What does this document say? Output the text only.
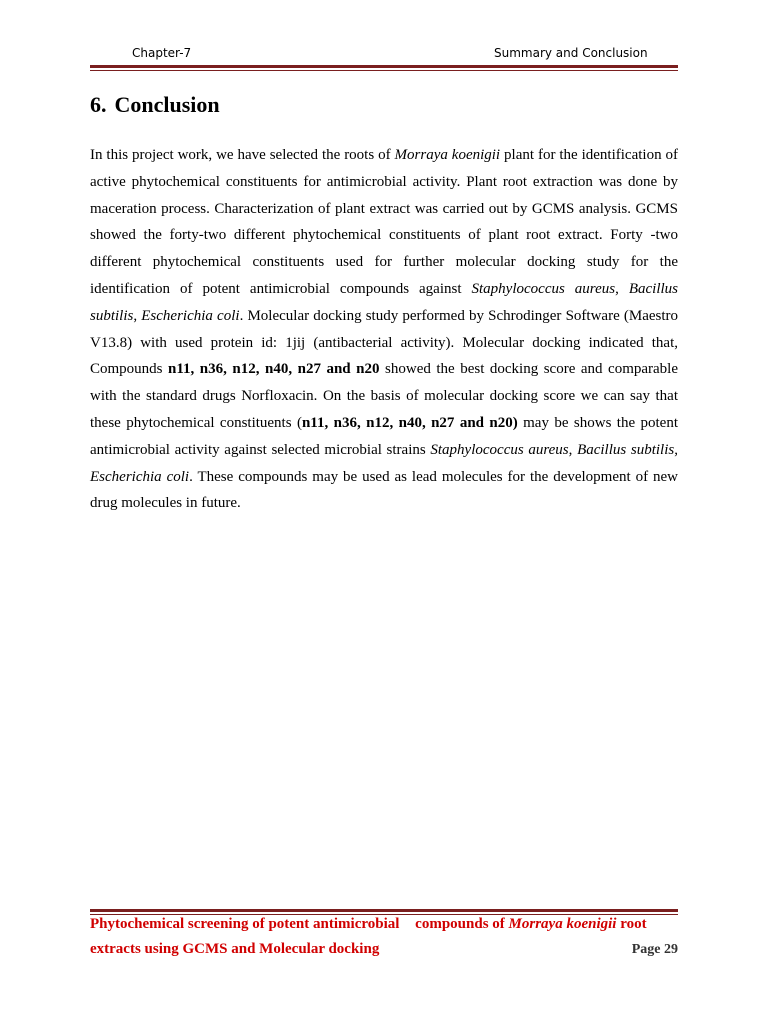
Chapter-7	Summary and Conclusion
6. Conclusion

In this project work, we have selected the roots of Morraya koenigii plant for the identification of active phytochemical constituents for antimicrobial activity. Plant root extraction was done by maceration process. Characterization of plant extract was carried out by GCMS analysis. GCMS showed the forty-two different phytochemical constituents of plant root extract. Forty -two different phytochemical constituents used for further molecular docking study for the identification of potent antimicrobial compounds against Staphylococcus aureus, Bacillus subtilis, Escherichia coli. Molecular docking study performed by Schrodinger Software (Maestro V13.8) with used protein id: 1jij (antibacterial activity). Molecular docking indicated that, Compounds n11, n36, n12, n40, n27 and n20 showed the best docking score and comparable with the standard drugs Norfloxacin. On the basis of molecular docking score we can say that these phytochemical constituents (n11, n36, n12, n40, n27 and n20) may be shows the potent antimicrobial activity against selected microbial strains Staphylococcus aureus, Bacillus subtilis, Escherichia coli. These compounds may be used as lead molecules for the development of new drug molecules in future.

Phytochemical screening of potent antimicrobial compounds of Morraya koenigii root
extracts using GCMS and Molecular docking	Page 29
